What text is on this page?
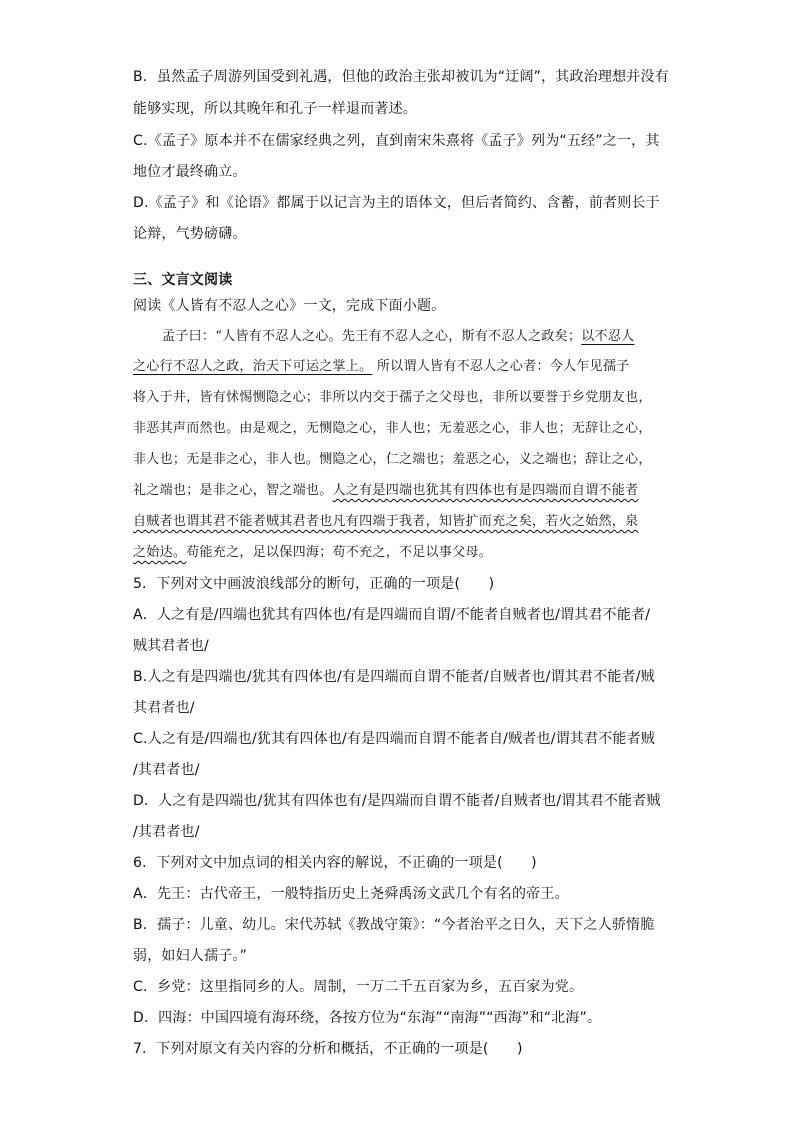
B．虽然孟子周游列国受到礼遇，但他的政治主张却被讥为“迂阔”，其政治理想并没有
能够实现，所以其晚年和孔子一样退而著述。
C.《孟子》原本并不在儒家经典之列，直到南宋朱熹将《孟子》列为“五经”之一，其
地位才最终确立。
D.《孟子》和《论语》都属于以记言为主的语体文，但后者简约、含蓄，前者则长于
论辩，气势磅礴。
三、文言文阅读
阅读《人皆有不忍人之心》一文，完成下面小题。
孟子曰：“人皆有不忍人之心。先王有不忍人之心，斯有不忍人之政矣；以不忍人
之心行不忍人之政，治天下可运之掌上。 所以谓人皆有不忍人之心者：今人乍见孺子
将入于井，皆有怵惕恻隐之心；非所以内交于孺子之父母也，非所以要誉于乡党朋友也，
非恶其声而然也。由是观之，无恻隐之心，非人也；无羞恶之心，非人也；无辞让之心，
非人也；无是非之心，非人也。恻隐之心，仁之端也；羞恶之心，义之端也；辞让之心，
礼之端也；是非之心，智之端也。人之有是四端也犹其有四体也有是四端而自谓不能者
自贼者也谓其君不能者贼其君者也凡有四端于我者，知皆扩而充之矣，若火之始然，泉
之始达。苟能充之，足以保四海；苟不充之，不足以事父母。
5．下列对文中画波浪线部分的断句，正确的一项是(　　)
A．人之有是/四端也犹其有四体也/有是四端而自谓/不能者自贼者也/谓其君不能者/
贼其君者也/
B.人之有是四端也/犹其有四体也/有是四端而自谓不能者/自贼者也/谓其君不能者/贼
其君者也/
C.人之有是/四端也/犹其有四体也/有是四端而自谓不能者自/贼者也/谓其君不能者贼
/其君者也/
D．人之有是四端也/犹其有四体也有/是四端而自谓不能者/自贼者也/谓其君不能者贼
/其君者也/
6．下列对文中加点词的相关内容的解说，不正确的一项是(　　)
A．先王：古代帝王，一般特指历史上尧舜禹汤文武几个有名的帝王。
B．孺子：儿童、幼儿。宋代苏轼《教战守策》：“今者治平之日久，天下之人骄惰脆
弱，如妇人孺子。”
C．乡党：这里指同乡的人。周制，一万二千五百家为乡，五百家为党。
D．四海：中国四境有海环绕，各按方位为“东海”“南海”“西海”和“北海”。
7．下列对原文有关内容的分析和概括，不正确的一项是(　　)
